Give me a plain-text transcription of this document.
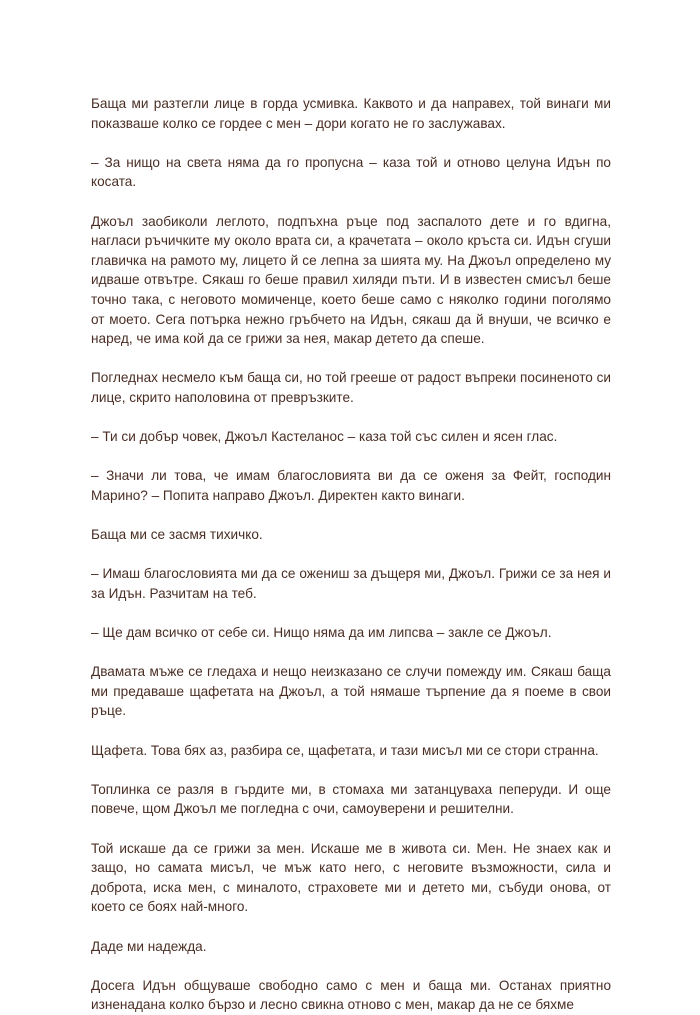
Баща ми разтегли лице в горда усмивка. Каквото и да направех, той винаги ми показваше колко се гордее с мен – дори когато не го заслужавах.

– За нищо на света няма да го пропусна – каза той и отново целуна Идън по косата.

Джоъл заобиколи леглото, подпъхна ръце под заспалото дете и го вдигна, нагласи ръчичките му около врата си, а крачетата – около кръста си. Идън сгуши главичка на рамото му, лицето й се лепна за шията му. На Джоъл определено му идваше отвътре. Сякаш го беше правил хиляди пъти. И в известен смисъл беше точно така, с неговото момиченце, което беше само с няколко години поголямо от моето. Сега потърка нежно гръбчето на Идън, сякаш да й внуши, че всичко е наред, че има кой да се грижи за нея, макар детето да спеше.

Погледнах несмело към баща си, но той грееше от радост въпреки посиненото си лице, скрито наполовина от превръзките.

– Ти си добър човек, Джоъл Кастеланос – каза той със силен и ясен глас.

– Значи ли това, че имам благословията ви да се оженя за Фейт, господин Марино? – Попита направо Джоъл. Директен както винаги.

Баща ми се засмя тихичко.

– Имаш благословията ми да се ожениш за дъщеря ми, Джоъл. Грижи се за нея и за Идън. Разчитам на теб.

– Ще дам всичко от себе си. Нищо няма да им липсва – закле се Джоъл.

Двамата мъже се гледаха и нещо неизказано се случи помежду им. Сякаш баща ми предаваше щафетата на Джоъл, а той нямаше търпение да я поеме в свои ръце.

Щафета. Това бях аз, разбира се, щафетата, и тази мисъл ми се стори странна.

Топлинка се разля в гърдите ми, в стомаха ми затанцуваха пеперуди. И още повече, щом Джоъл ме погледна с очи, самоуверени и решителни.

Той искаше да се грижи за мен. Искаше ме в живота си. Мен. Не знаех как и защо, но самата мисъл, че мъж като него, с неговите възможности, сила и доброта, иска мен, с миналото, страховете ми и детето ми, събуди онова, от което се боях най-много.

Даде ми надежда.

Досега Идън общуваше свободно само с мен и баща ми. Останах приятно изненадана колко бързо и лесно свикна отново с мен, макар да не се бяхме
